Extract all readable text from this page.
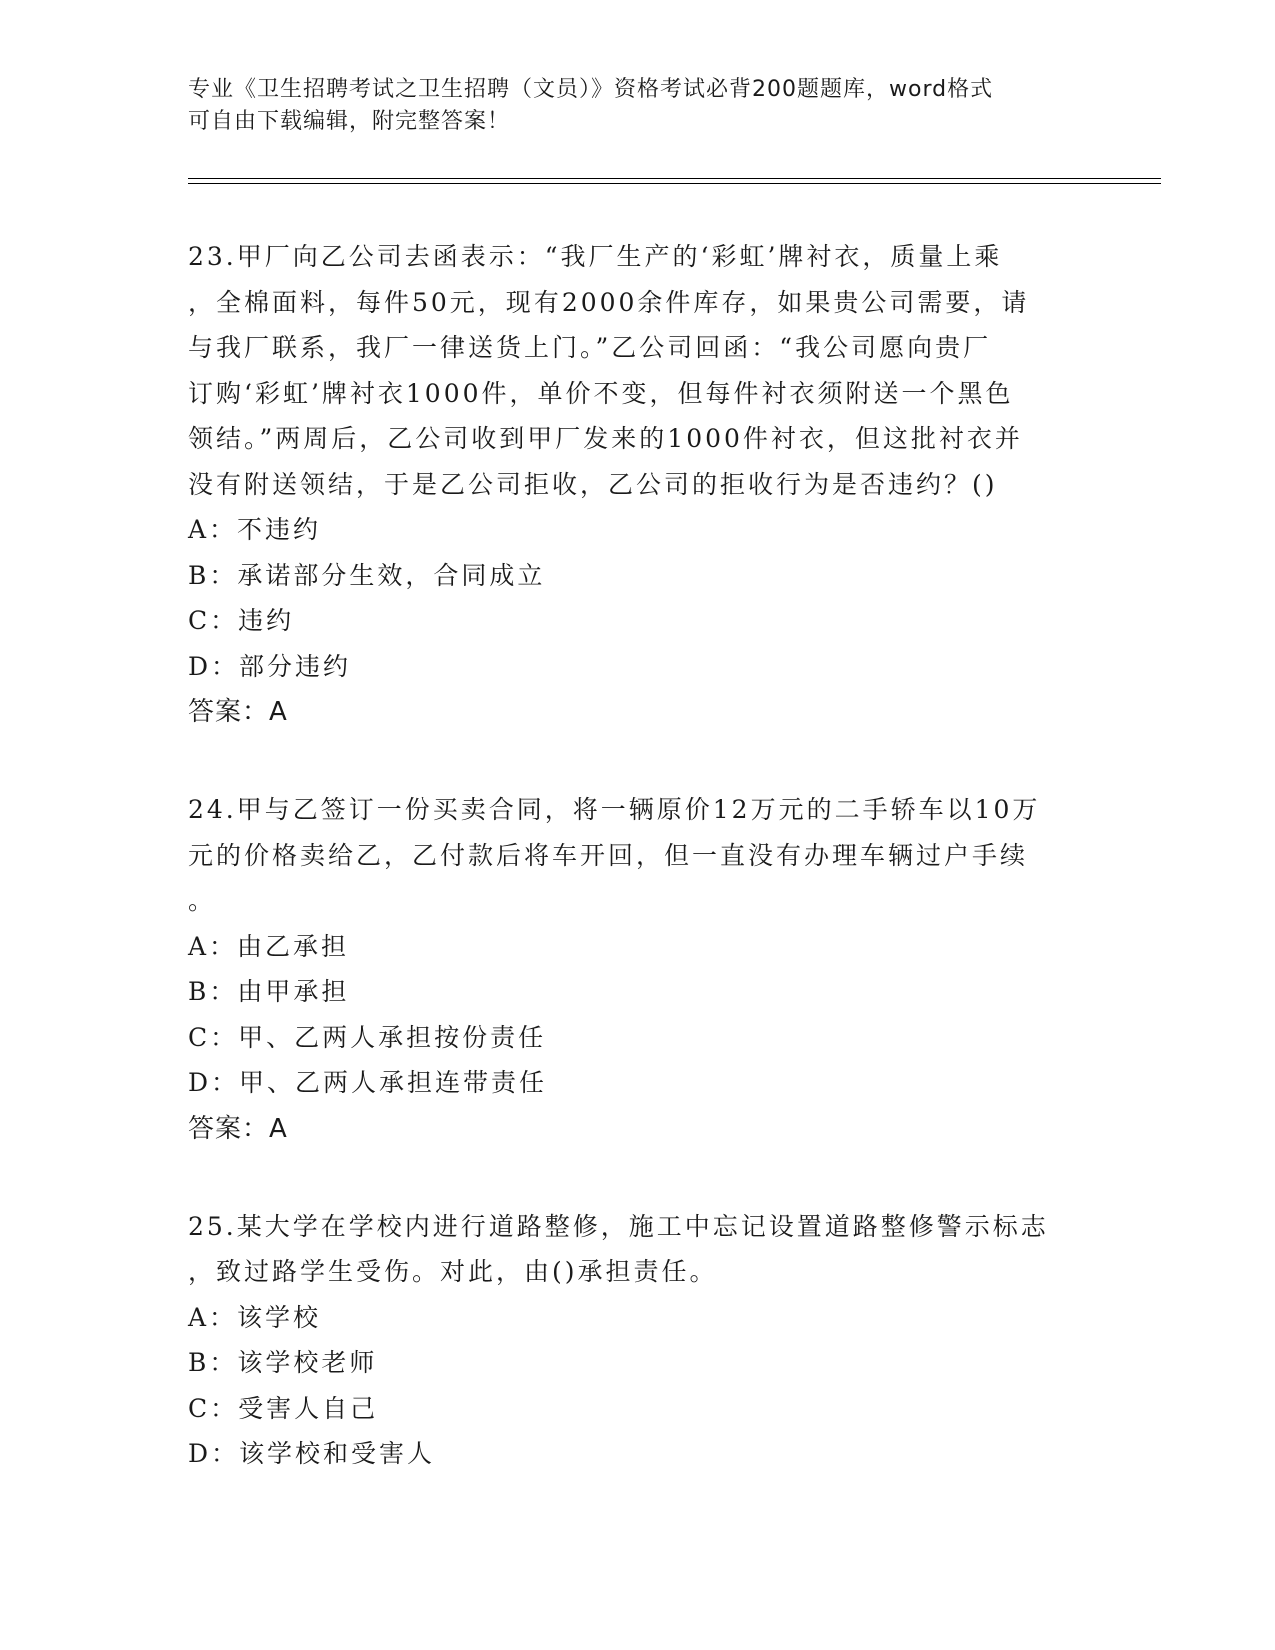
专业《卫生招聘考试之卫生招聘（文员）》资格考试必背200题题库，word格式
可自由下载编辑，附完整答案！
23.甲厂向乙公司去函表示：“我厂生产的‘彩虹’牌衬衣，质量上乘
，全棉面料，每件50元，现有2000余件库存，如果贵公司需要，请
与我厂联系，我厂一律送货上门。”乙公司回函：“我公司愿向贵厂
订购‘彩虹’牌衬衣1000件，单价不变，但每件衬衣须附送一个黑色
领结。”两周后，乙公司收到甲厂发来的1000件衬衣，但这批衬衣并
没有附送领结，于是乙公司拒收，乙公司的拒收行为是否违约？()
A：不违约
B：承诺部分生效，合同成立
C：违约
D：部分违约
答案：A
24.甲与乙签订一份买卖合同，将一辆原价12万元的二手轿车以10万
元的价格卖给乙，乙付款后将车开回，但一直没有办理车辆过户手续
。
A：由乙承担
B：由甲承担
C：甲、乙两人承担按份责任
D：甲、乙两人承担连带责任
答案：A
25.某大学在学校内进行道路整修，施工中忘记设置道路整修警示标志
，致过路学生受伤。对此，由()承担责任。
A：该学校
B：该学校老师
C：受害人自己
D：该学校和受害人
